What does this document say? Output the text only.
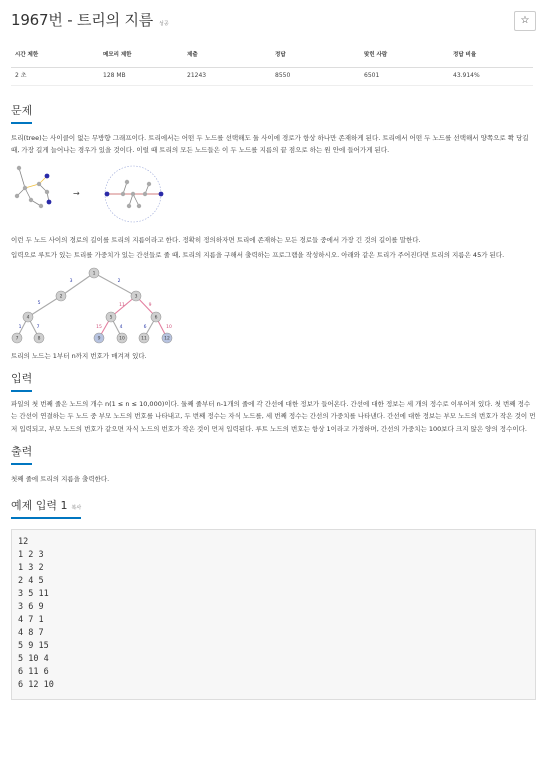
1967번 - 트리의 지름 성공	☆
시간 제한	메모리 제한	제출	정답	맞힌 사람	정답 비율
2 초	128 MB	21243	8550	6501	43.914%
문제

트리(tree)는 사이클이 없는 무방향 그래프이다. 트리에서는 어떤 두 노드를 선택해도 둘 사이에 경로가 항상 하나만 존재하게 된다. 트리에서 어떤 두 노드를 선택해서 양쪽으로 쫙 당길 때, 가장 길게 늘어나는 경우가 있을 것이다. 이럴 때 트리의 모든 노드들은 이 두 노드를 지름의 끝 점으로 하는 원 안에 들어가게 된다.

→

이런 두 노드 사이의 경로의 길이를 트리의 지름이라고 한다. 정확히 정의하자면 트리에 존재하는 모든 경로들 중에서 가장 긴 것의 길이를 말한다.

입력으로 루트가 있는 트리를 가중치가 있는 간선들로 줄 때, 트리의 지름을 구해서 출력하는 프로그램을 작성하시오. 아래와 같은 트리가 주어진다면 트리의 지름은 45가 된다.

3	2
5	11	9
1	7	15	4	6	10
1
2	3
4	5	6
7	8	9	10	11	12

트리의 노드는 1부터 n까지 번호가 매겨져 있다.

입력

파일의 첫 번째 줄은 노드의 개수 n(1 ≤ n ≤ 10,000)이다. 둘째 줄부터 n-1개의 줄에 각 간선에 대한 정보가 들어온다. 간선에 대한 정보는 세 개의 정수로 이루어져 있다. 첫 번째 정수는 간선이 연결하는 두 노드 중 부모 노드의 번호를 나타내고, 두 번째 정수는 자식 노드를, 세 번째 정수는 간선의 가중치를 나타낸다. 간선에 대한 정보는 부모 노드의 번호가 작은 것이 먼저 입력되고, 부모 노드의 번호가 같으면 자식 노드의 번호가 작은 것이 먼저 입력된다. 루트 노드의 번호는 항상 1이라고 가정하며, 간선의 가중치는 100보다 크지 않은 양의 정수이다.

출력

첫째 줄에 트리의 지름을 출력한다.

예제 입력 1 복사
12
1 2 3
1 3 2
2 4 5
3 5 11
3 6 9
4 7 1
4 8 7
5 9 15
5 10 4
6 11 6
6 12 10
